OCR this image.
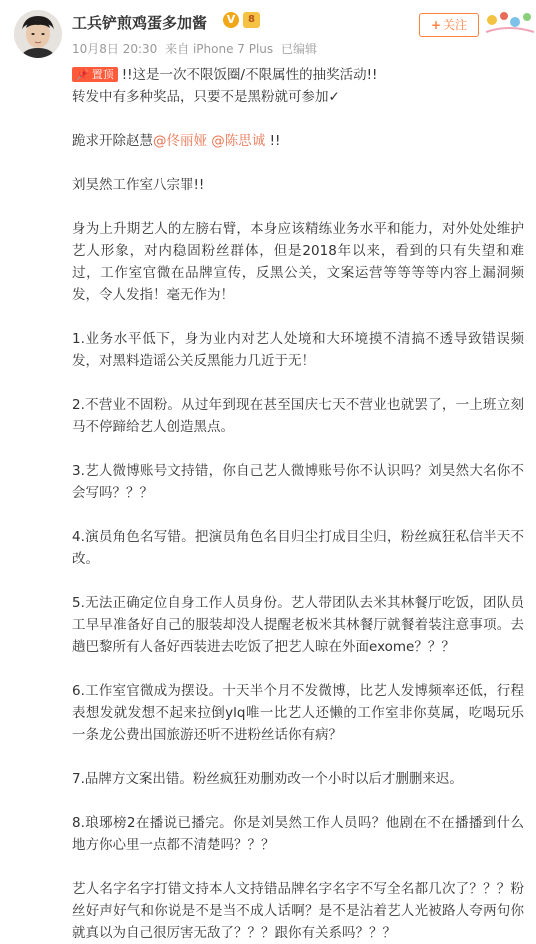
工兵铲煎鸡蛋多加酱	V	8
10月8日 20:30 来自 iPhone 7 Plus 已编辑
+ 关注

📌 置顶 !!这是一次不限饭圈/不限属性的抽奖活动!!

转发中有多种奖品，只要不是黑粉就可参加✓

跪求开除赵慧@佟丽娅 @陈思诚 !!

刘昊然工作室八宗罪!!

身为上升期艺人的左膀右臂，本身应该精练业务水平和能力，对外处处维护艺人形象，对内稳固粉丝群体，但是2018年以来，看到的只有失望和难过，工作室官微在品牌宣传，反黑公关，文案运营等等等等内容上漏洞频发，令人发指！毫无作为！

1.业务水平低下，身为业内对艺人处境和大环境摸不清搞不透导致错误频发，对黑料造谣公关反黑能力几近于无！

2.不营业不固粉。从过年到现在甚至国庆七天不营业也就罢了，一上班立刻马不停蹄给艺人创造黑点。

3.艺人微博账号文持错，你自己艺人微博账号你不认识吗？刘昊然大名你不会写吗？？？

4.演员角色名写错。把演员角色名目归尘打成目尘归，粉丝疯狂私信半天不改。

5.无法正确定位自身工作人员身份。艺人带团队去米其林餐厅吃饭，团队员工早早准备好自己的服装却没人提醒老板米其林餐厅就餐着装注意事项。去趟巴黎所有人备好西装进去吃饭了把艺人晾在外面exome？？？

6.工作室官微成为摆设。十天半个月不发微博，比艺人发博频率还低，行程表想发就发想不起来拉倒ylq唯一比艺人还懒的工作室非你莫属，吃喝玩乐一条龙公费出国旅游还听不进粉丝话你有病？

7.品牌方文案出错。粉丝疯狂劝删劝改一个小时以后才删删来迟。

8.琅琊榜2在播说已播完。你是刘昊然工作人员吗？他剧在不在播播到什么地方你心里一点都不清楚吗？？？

艺人名字名字打错文持本人文持错品牌名字名字不写全名都几次了？？？粉丝好声好气和你说是不是当不成人话啊？是不是沾着艺人光被路人夸两句你就真以为自己很厉害无敌了？？？跟你有关系吗？？？
